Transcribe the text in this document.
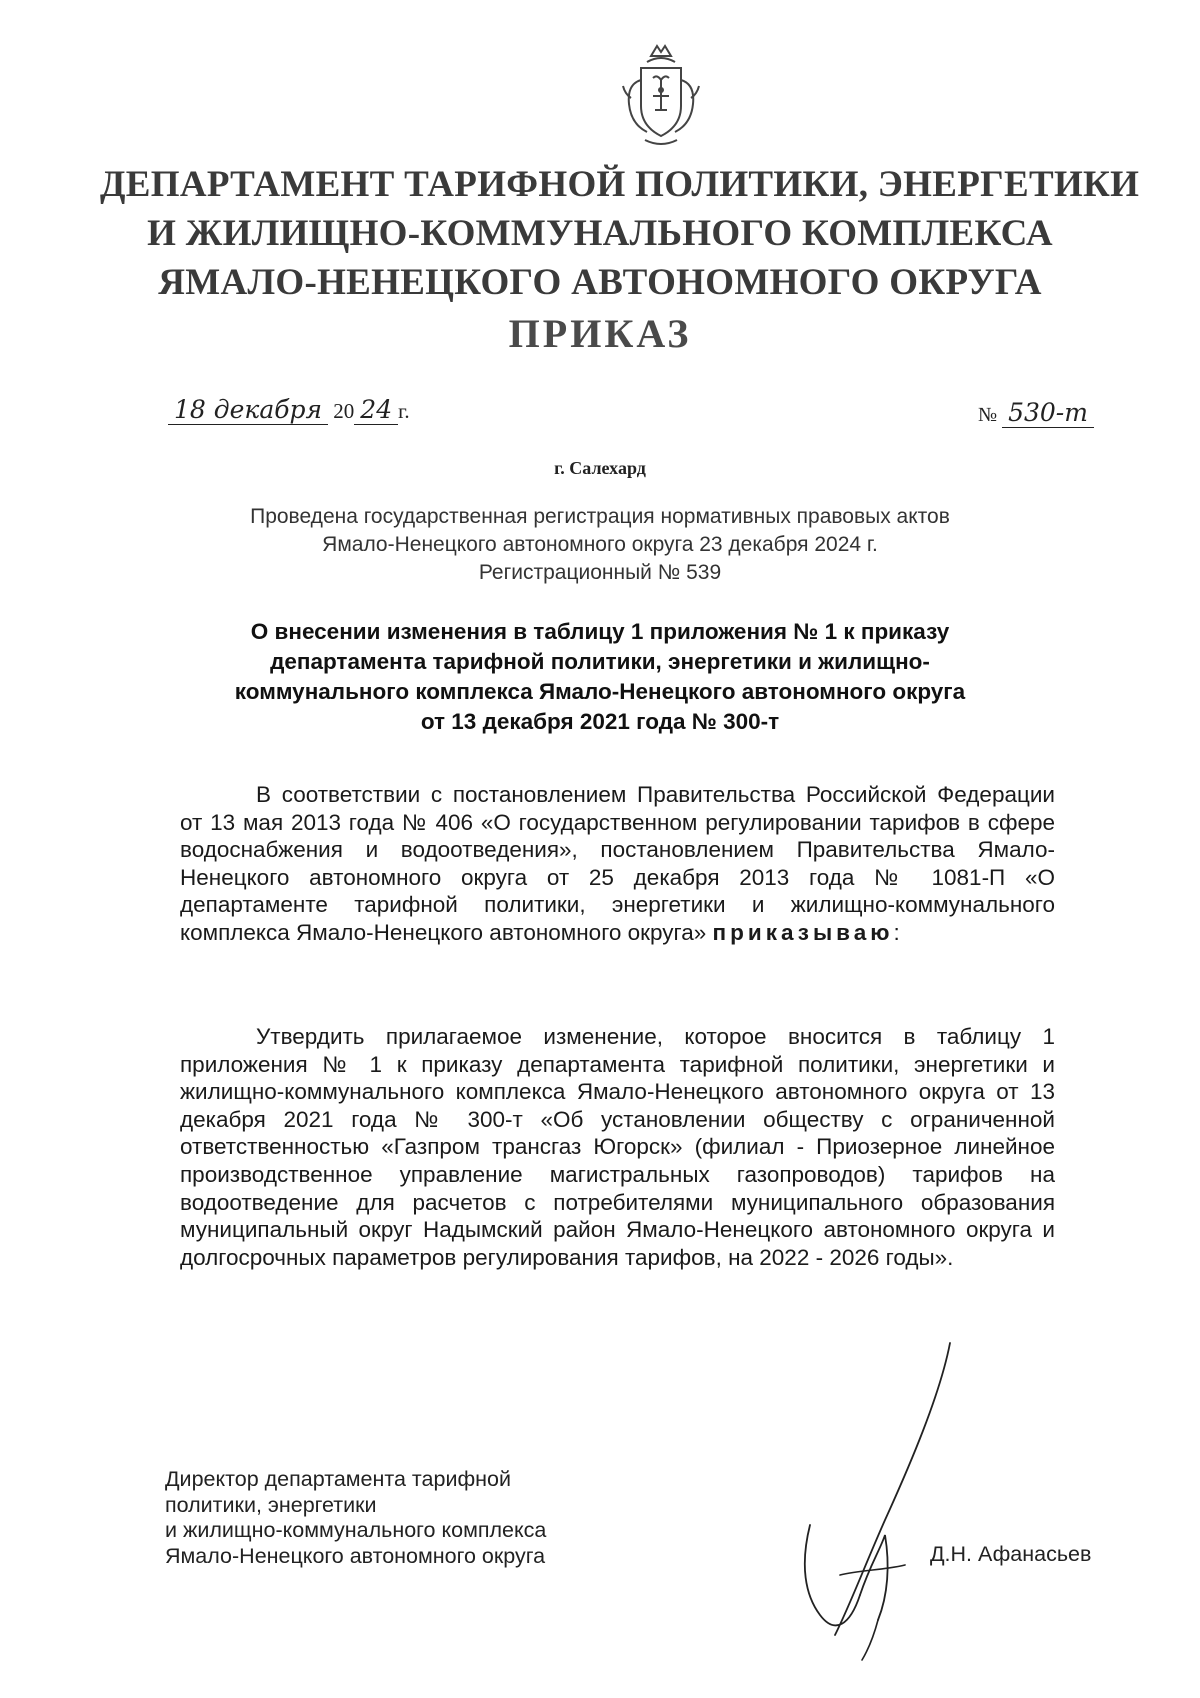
ДЕПАРТАМЕНТ ТАРИФНОЙ ПОЛИТИКИ, ЭНЕРГЕТИКИ
И ЖИЛИЩНО-КОММУНАЛЬНОГО КОМПЛЕКСА
ЯМАЛО-НЕНЕЦКОГО АВТОНОМНОГО ОКРУГА
ПРИКАЗ
18 декабря 20 24 г.	№ 530-т
г. Салехард
Проведена государственная регистрация нормативных правовых актов
Ямало-Ненецкого автономного округа 23 декабря 2024 г.
Регистрационный № 539
О внесении изменения в таблицу 1 приложения № 1 к приказу
департамента тарифной политики, энергетики и жилищно-
коммунального комплекса Ямало-Ненецкого автономного округа
от 13 декабря 2021 года № 300-т
В соответствии с постановлением Правительства Российской Федерации от 13 мая 2013 года № 406 «О государственном регулировании тарифов в сфере водоснабжения и водоотведения», постановлением Правительства Ямало-Ненецкого автономного округа от 25 декабря 2013 года № 1081-П «О департаменте тарифной политики, энергетики и жилищно-коммунального комплекса Ямало-Ненецкого автономного округа» приказываю:
Утвердить прилагаемое изменение, которое вносится в таблицу 1 приложения № 1 к приказу департамента тарифной политики, энергетики и жилищно-коммунального комплекса Ямало-Ненецкого автономного округа от 13 декабря 2021 года № 300-т «Об установлении обществу с ограниченной ответственностью «Газпром трансгаз Югорск» (филиал - Приозерное линейное производственное управление магистральных газопроводов) тарифов на водоотведение для расчетов с потребителями муниципального образования муниципальный округ Надымский район Ямало-Ненецкого автономного округа и долгосрочных параметров регулирования тарифов, на 2022 - 2026 годы».
Директор департамента тарифной
политики, энергетики
и жилищно-коммунального комплекса
Ямало-Ненецкого автономного округа	Д.Н. Афанасьев
